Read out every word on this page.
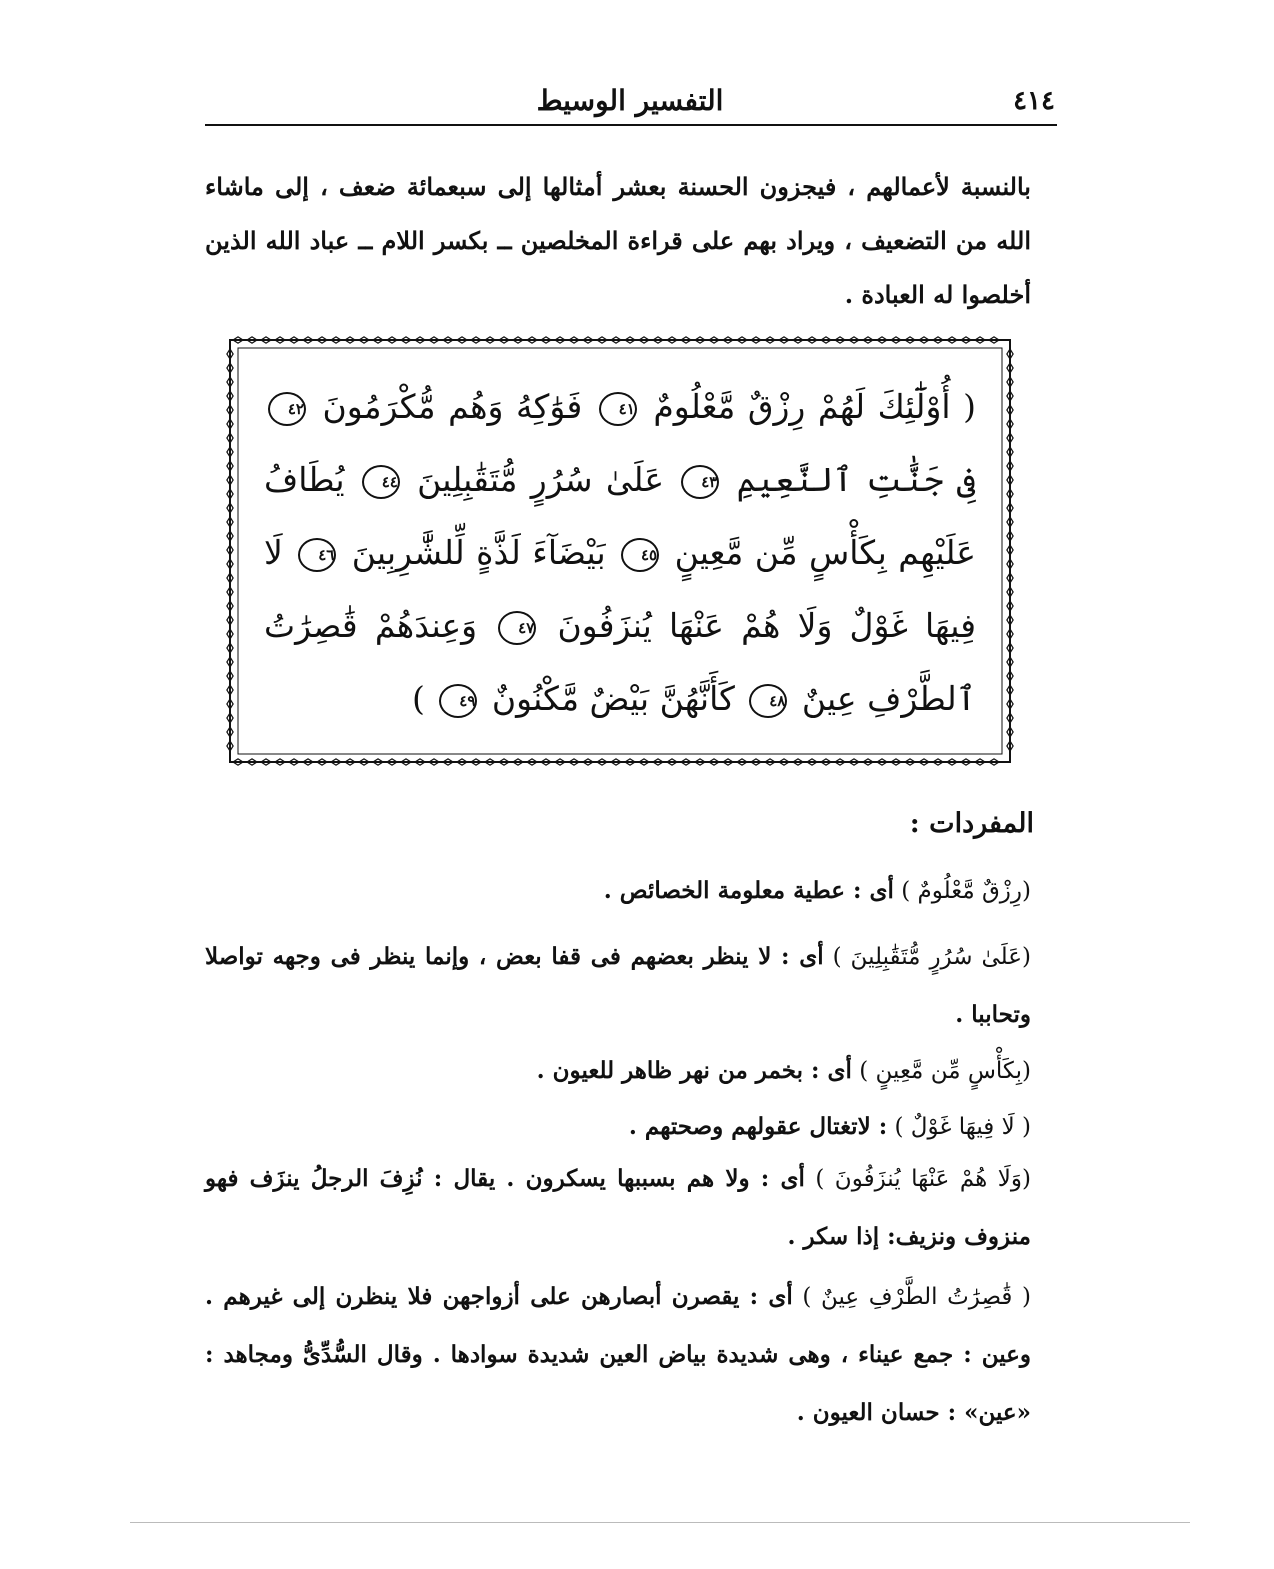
التفسير الوسيط	٤١٤
بالنسبة لأعمالهم ، فيجزون الحسنة بعشر أمثالها إلى سبعمائة ضعف ، إلى ماشاء الله من التضعيف ، ويراد بهم على قراءة المخلصين ــ بكسر اللام ــ عباد الله الذين أخلصوا له العبادة .
( أُوْلَٰٓئِكَ لَهُمْ رِزْقٌ مَّعْلُومٌ ٤١ فَوَٰكِهُ وَهُم مُّكْرَمُونَ ٤٢ فِى جَنَّٰتِ ٱلنَّعِيمِ ٤٣ عَلَىٰ سُرُرٍ مُّتَقَٰبِلِينَ ٤٤ يُطَافُ عَلَيْهِم بِكَأْسٍ مِّن مَّعِينٍ ٤٥ بَيْضَآءَ لَذَّةٍ لِّلشَّٰرِبِينَ ٤٦ لَا فِيهَا غَوْلٌ وَلَا هُمْ عَنْهَا يُنزَفُونَ ٤٧ وَعِندَهُمْ قَٰصِرَٰتُ ٱلطَّرْفِ عِينٌ ٤٨ كَأَنَّهُنَّ بَيْضٌ مَّكْنُونٌ ٤٩ )
المفردات :
(رِزْقٌ مَّعْلُومٌ ) أى : عطية معلومة الخصائص .
(عَلَىٰ سُرُرٍ مُّتَقَٰبِلِينَ ) أى : لا ينظر بعضهم فى قفا بعض ، وإنما ينظر فى وجهه تواصلا وتحاببا .
(بِكَأْسٍ مِّن مَّعِينٍ ) أى : بخمر من نهر ظاهر للعيون .
( لَا فِيهَا غَوْلٌ ) : لاتغتال عقولهم وصحتهم .
(وَلَا هُمْ عَنْهَا يُنزَفُونَ ) أى : ولا هم بسببها يسكرون . يقال : نُزِفَ الرجلُ ينزَف فهو منزوف ونزيف: إذا سكر .
( قَٰصِرَٰتُ الطَّرْفِ عِينٌ ) أى : يقصرن أبصارهن على أزواجهن فلا ينظرن إلى غيرهم . وعين : جمع عيناء ، وهى شديدة بياض العين شديدة سوادها . وقال السُّدِّىُّ ومجاهد : «عين» : حسان العيون .
